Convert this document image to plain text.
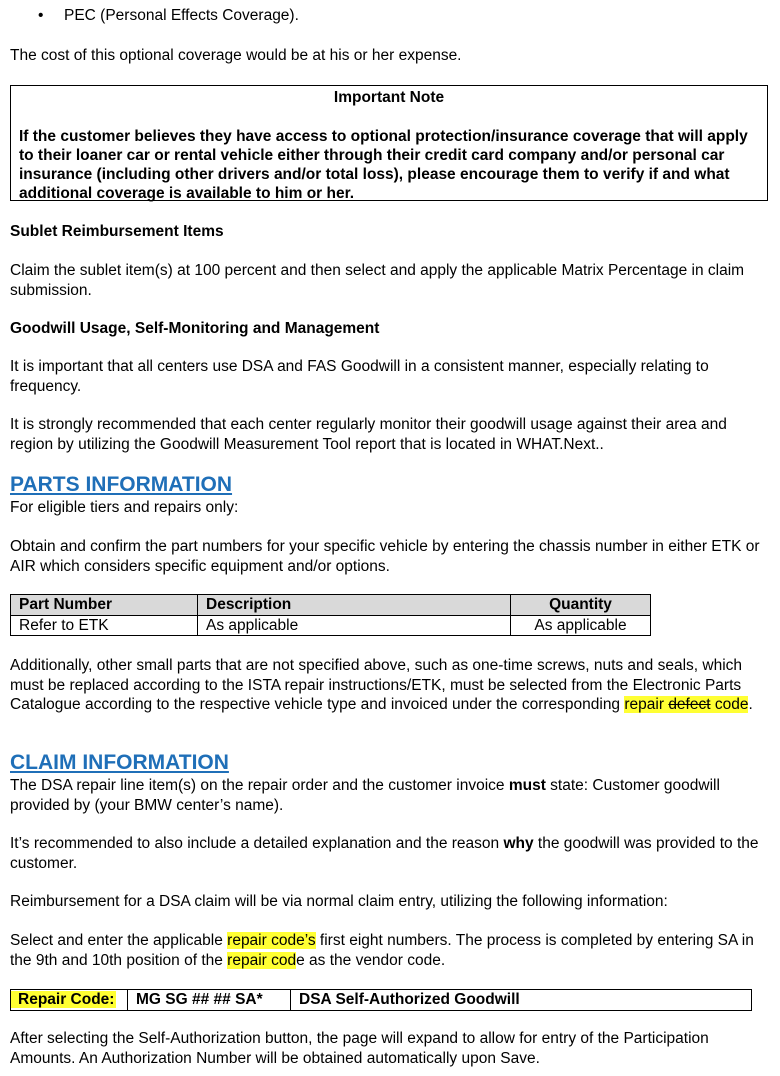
• PEC (Personal Effects Coverage).

The cost of this optional coverage would be at his or her expense.

Important Note
If the customer believes they have access to optional protection/insurance coverage that will apply to their loaner car or rental vehicle either through their credit card company and/or personal car insurance (including other drivers and/or total loss), please encourage them to verify if and what additional coverage is available to him or her.

Sublet Reimbursement Items

Claim the sublet item(s) at 100 percent and then select and apply the applicable Matrix Percentage in claim submission.

Goodwill Usage, Self-Monitoring and Management

It is important that all centers use DSA and FAS Goodwill in a consistent manner, especially relating to frequency.

It is strongly recommended that each center regularly monitor their goodwill usage against their area and region by utilizing the Goodwill Measurement Tool report that is located in WHAT.Next..

PARTS INFORMATION

For eligible tiers and repairs only:

Obtain and confirm the part numbers for your specific vehicle by entering the chassis number in either ETK or AIR which considers specific equipment and/or options.

Part Number	Description	Quantity
Refer to ETK	As applicable	As applicable

Additionally, other small parts that are not specified above, such as one-time screws, nuts and seals, which must be replaced according to the ISTA repair instructions/ETK, must be selected from the Electronic Parts Catalogue according to the respective vehicle type and invoiced under the corresponding repair defect code.

CLAIM INFORMATION

The DSA repair line item(s) on the repair order and the customer invoice must state: Customer goodwill provided by (your BMW center’s name).

It’s recommended to also include a detailed explanation and the reason why the goodwill was provided to the customer.

Reimbursement for a DSA claim will be via normal claim entry, utilizing the following information:

Select and enter the applicable repair code’s first eight numbers. The process is completed by entering SA in the 9th and 10th position of the repair code as the vendor code.

Repair Code:	MG SG ## ## SA*	DSA Self-Authorized Goodwill

After selecting the Self-Authorization button, the page will expand to allow for entry of the Participation Amounts. An Authorization Number will be obtained automatically upon Save.
